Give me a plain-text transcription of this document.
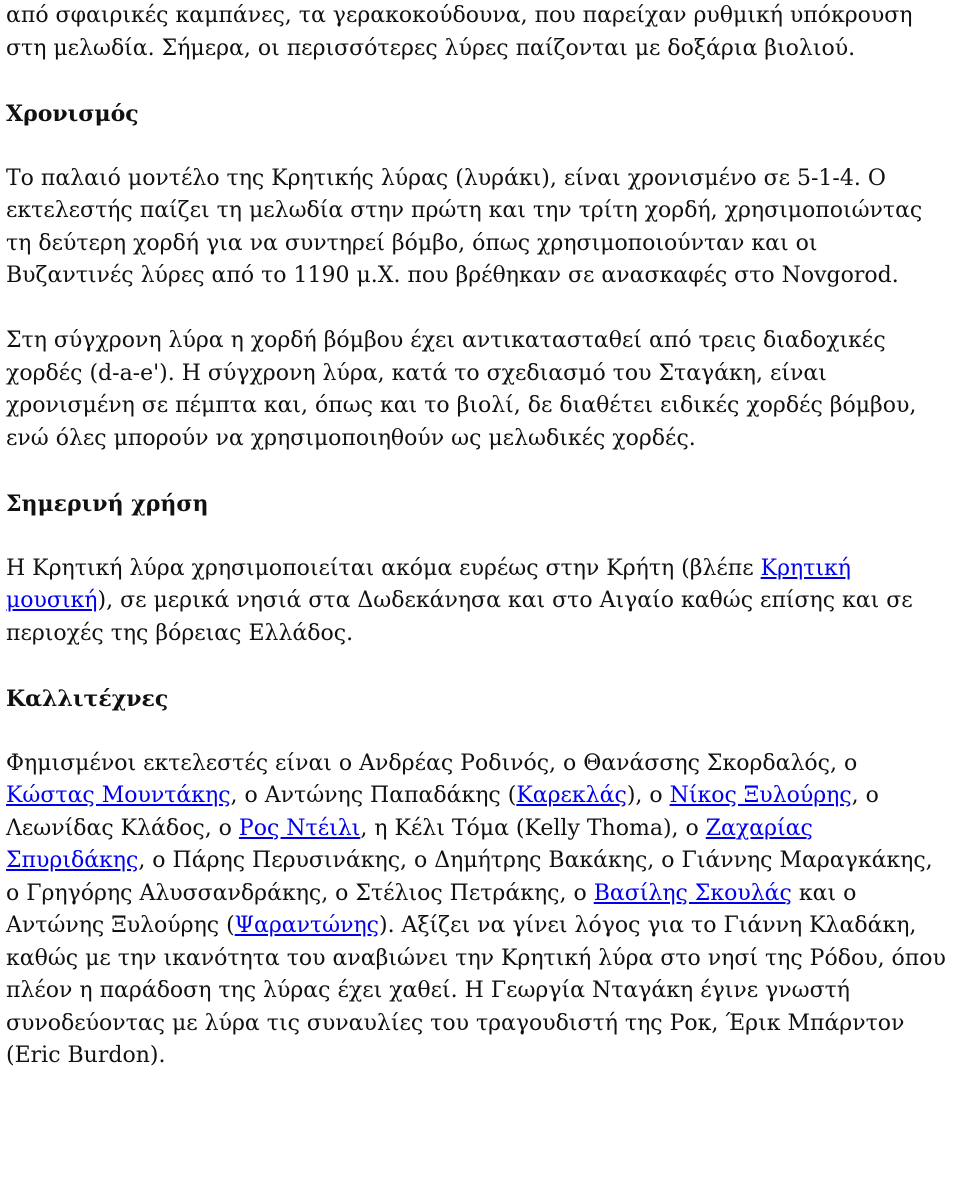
από σφαιρικές καμπάνες, τα γερακοκούδουνα, που παρείχαν ρυθμική υπόκρουση στη μελωδία. Σήμερα, οι περισσότερες λύρες παίζονται με δοξάρια βιολιού.

Χρονισμός

Το παλαιό μοντέλο της Κρητικής λύρας (λυράκι), είναι χρονισμένο σε 5-1-4. Ο εκτελεστής παίζει τη μελωδία στην πρώτη και την τρίτη χορδή, χρησιμοποιώντας τη δεύτερη χορδή για να συντηρεί βόμβο, όπως χρησιμοποιούνταν και οι Βυζαντινές λύρες από το 1190 μ.Χ. που βρέθηκαν σε ανασκαφές στο Novgorod.

Στη σύγχρονη λύρα η χορδή βόμβου έχει αντικατασταθεί από τρεις διαδοχικές χορδές (d-a-e'). Η σύγχρονη λύρα, κατά το σχεδιασμό του Σταγάκη, είναι χρονισμένη σε πέμπτα και, όπως και το βιολί, δε διαθέτει ειδικές χορδές βόμβου, ενώ όλες μπορούν να χρησιμοποιηθούν ως μελωδικές χορδές.

Σημερινή χρήση

Η Κρητική λύρα χρησιμοποιείται ακόμα ευρέως στην Κρήτη (βλέπε Κρητική μουσική), σε μερικά νησιά στα Δωδεκάνησα και στο Αιγαίο καθώς επίσης και σε περιοχές της βόρειας Ελλάδος.

Καλλιτέχνες

Φημισμένοι εκτελεστές είναι ο Ανδρέας Ροδινός, ο Θανάσσης Σκορδαλός, ο Κώστας Μουντάκης, ο Αντώνης Παπαδάκης (Καρεκλάς), ο Νίκος Ξυλούρης, ο Λεωνίδας Κλάδος, ο Ρος Ντέιλι, η Κέλι Τόμα (Kelly Thoma), ο Ζαχαρίας Σπυριδάκης, ο Πάρης Περυσινάκης, ο Δημήτρης Βακάκης, ο Γιάννης Μαραγκάκης, ο Γρηγόρης Αλυσσανδράκης, ο Στέλιος Πετράκης, ο Βασίλης Σκουλάς και ο Αντώνης Ξυλούρης (Ψαραντώνης). Αξίζει να γίνει λόγος για το Γιάννη Κλαδάκη, καθώς με την ικανότητα του αναβιώνει την Κρητική λύρα στο νησί της Ρόδου, όπου πλέον η παράδοση της λύρας έχει χαθεί. Η Γεωργία Νταγάκη έγινε γνωστή συνοδεύοντας με λύρα τις συναυλίες του τραγουδιστή της Ροκ, Έρικ Μπάρντον (Eric Burdon).
